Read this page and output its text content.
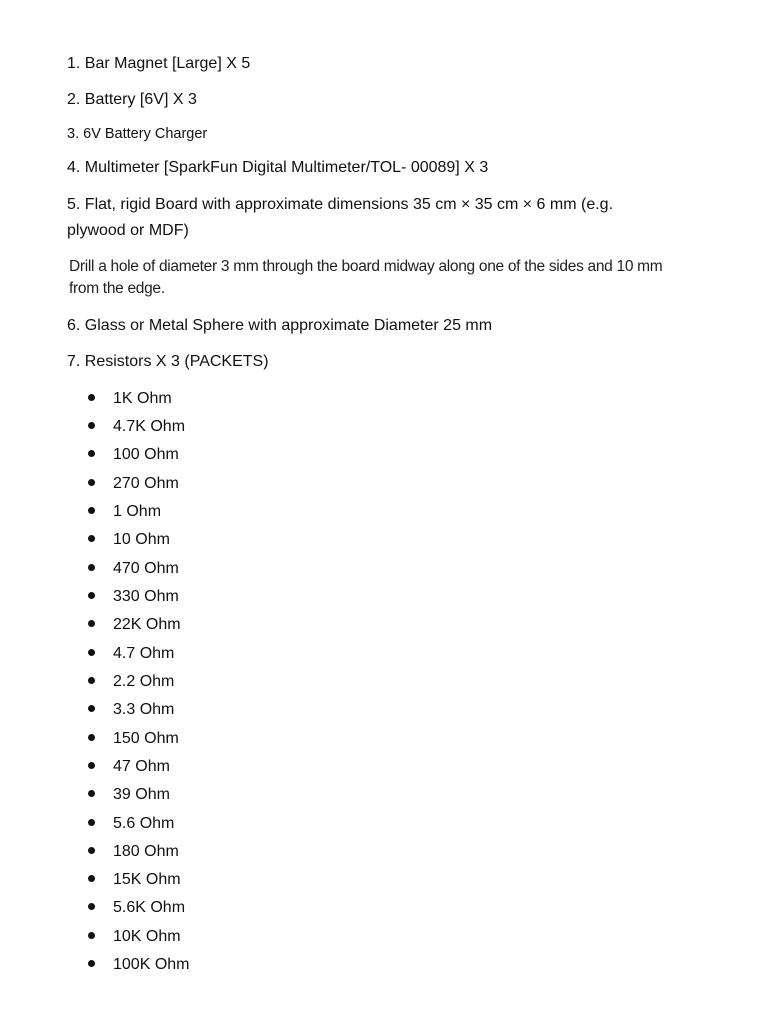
1. Bar Magnet [Large] X 5
2. Battery [6V] X 3
3. 6V Battery Charger
4. Multimeter [SparkFun Digital Multimeter/TOL- 00089] X 3
5. Flat, rigid Board with approximate dimensions 35 cm × 35 cm × 6 mm (e.g. plywood or MDF)
Drill a hole of diameter 3 mm through the board midway along one of the sides and 10 mm from the edge.
6. Glass or Metal Sphere with approximate Diameter 25 mm
7. Resistors X 3 (PACKETS)
1K Ohm
4.7K Ohm
100 Ohm
270 Ohm
1 Ohm
10 Ohm
470 Ohm
330 Ohm
22K Ohm
4.7 Ohm
2.2 Ohm
3.3 Ohm
150 Ohm
47 Ohm
39 Ohm
5.6 Ohm
180 Ohm
15K Ohm
5.6K Ohm
10K Ohm
100K Ohm
